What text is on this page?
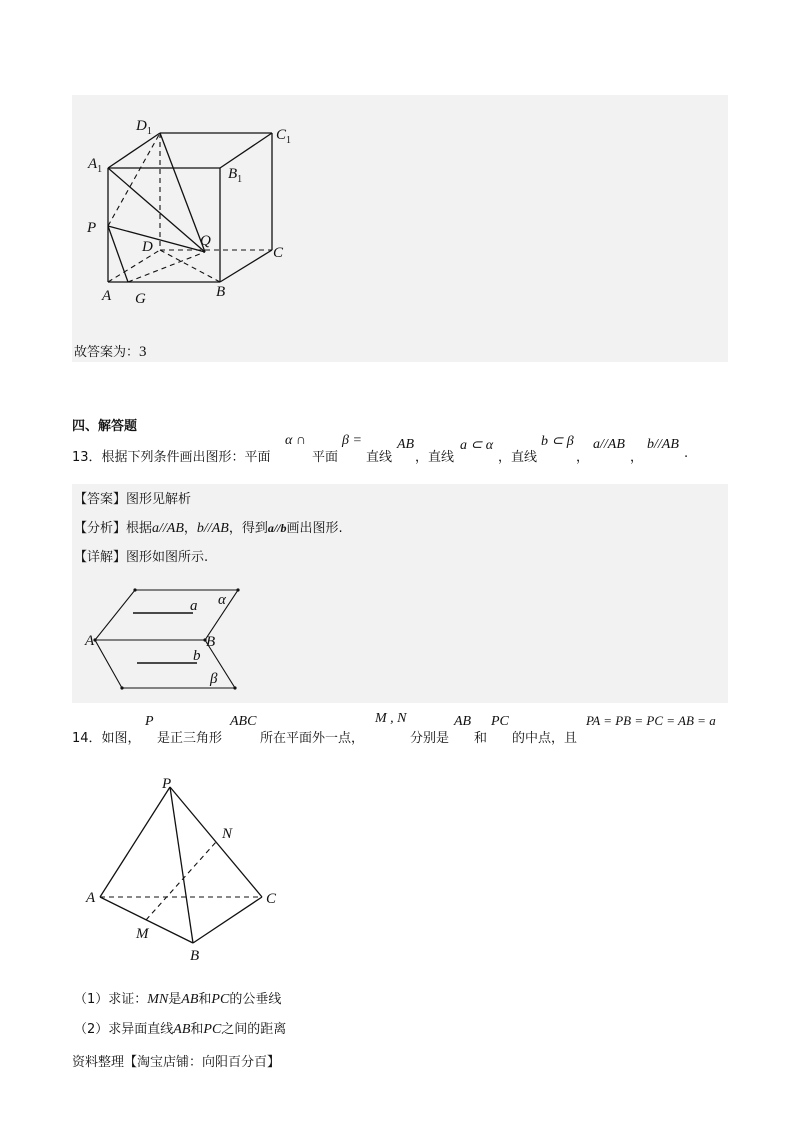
$D_1$	$C_1$
$A_1$	$B_1$
P
D	Q
C
A G	B
故答案为：3
四、解答题
13．根据下列条件画出图形：平面
α ∩
平面
β =
直线
AB
，直线
a ⊂ α
，直线
b ⊂ β
，
a//AB
，
b//AB
.
【答案】图形见解析
【分析】根据a//AB，b//AB，得到a//b画出图形.
【详解】图形如图所示.
a α
A	B
b
β
14．如图，
P
是正三角形
ABC
所在平面外一点，
M , N
分别是
AB
和
PC
的中点，且
PA = PB = PC = AB = a
P
N
A	C
M
B
（1）求证：MN是AB和PC的公垂线
（2）求异面直线AB和PC之间的距离
资料整理【淘宝店铺：向阳百分百】
